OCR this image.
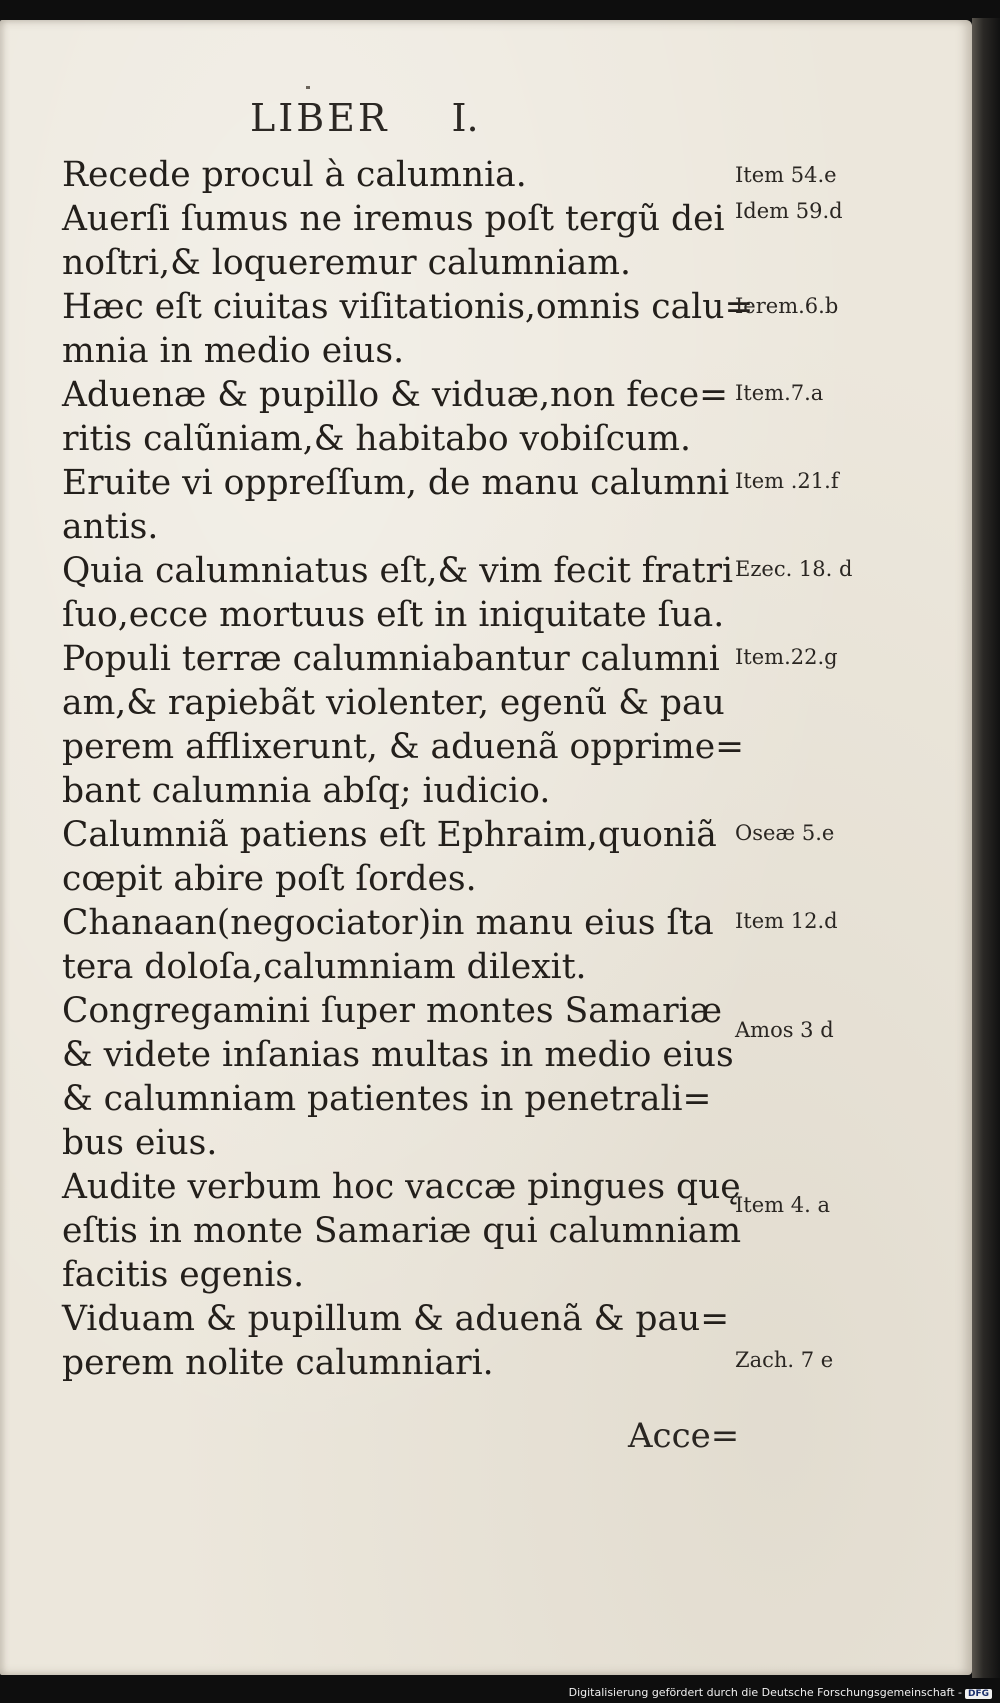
LIBER I.
Recede procul à calumnia.
Auerſi ſumus ne iremus poſt tergũ dei
noſtri,& loqueremur calumniam.
Hæc eſt ciuitas viſitationis,omnis calu=
mnia in medio eius.
Aduenæ & pupillo & viduæ,non fece=
ritis calũniam,& habitabo vobiſcum.
Eruite vi oppreſſum, de manu calumni
antis.
Quia calumniatus eſt,& vim fecit fratri
ſuo,ecce mortuus eſt in iniquitate ſua.
Populi terræ calumniabantur calumni
am,& rapiebãt violenter, egenũ & pau
perem afflixerunt, & aduenã opprime=
bant calumnia abſq; iudicio.
Calumniã patiens eſt Ephraim,quoniã
cœpit abire poſt ſordes.
Chanaan(negociator)in manu eius ſta
tera doloſa,calumniam dilexit.
Congregamini ſuper montes Samariæ
& videte inſanias multas in medio eius
& calumniam patientes in penetrali=
bus eius.
Audite verbum hoc vaccæ pingues quę
eſtis in monte Samariæ qui calumniam
facitis egenis.
Viduam & pupillum & aduenã & pau=
perem nolite calumniari.
Item 54.e
Idem 59.d
Ierem.6.b
Item.7.a
Item .21.f
Ezec. 18. d
Item.22.g
Oseæ 5.e
Item 12.d
Amos 3 d
Item 4. a
Zach. 7 e
Acce=
Digitalisierung gefördert durch die Deutsche Forschungsgemeinschaft - DFG
